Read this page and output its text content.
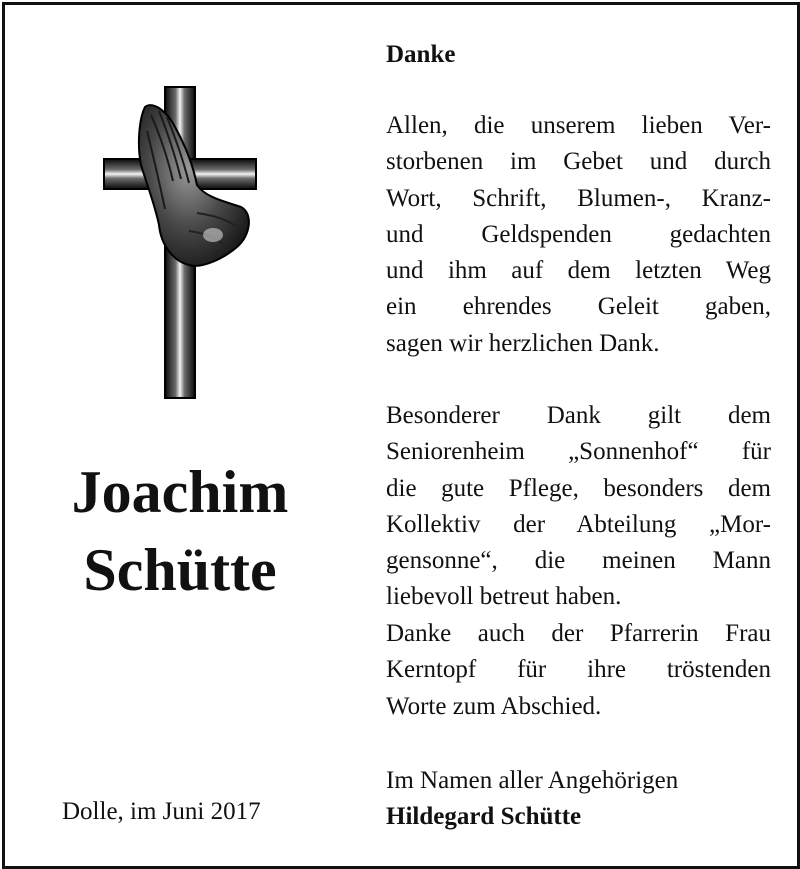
Joachim
Schütte
Dolle, im Juni 2017
Danke
Allen, die unserem lieben Ver-
storbenen im Gebet und durch
Wort, Schrift, Blumen-, Kranz-
und Geldspenden gedachten
und ihm auf dem letzten Weg
ein ehrendes Geleit gaben,
sagen wir herzlichen Dank.
Besonderer Dank gilt dem
Seniorenheim „Sonnenhof“ für
die gute Pflege, besonders dem
Kollektiv der Abteilung „Mor-
gensonne“, die meinen Mann
liebevoll betreut haben.
Danke auch der Pfarrerin Frau
Kerntopf für ihre tröstenden
Worte zum Abschied.
Im Namen aller Angehörigen
Hildegard Schütte
